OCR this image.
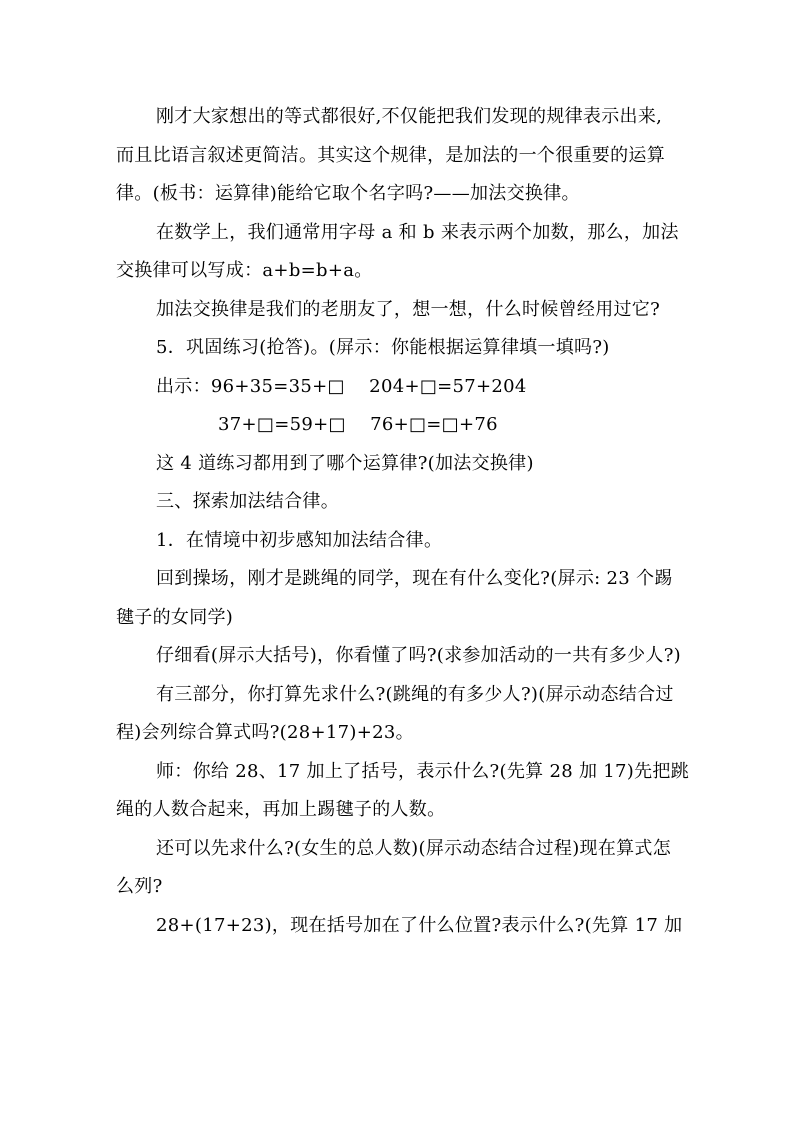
刚才大家想出的等式都很好,不仅能把我们发现的规律表示出来,
而且比语言叙述更简洁。其实这个规律，是加法的一个很重要的运算
律。(板书：运算律)能给它取个名字吗?——加法交换律。
在数学上，我们通常用字母 a 和 b 来表示两个加数，那么，加法
交换律可以写成：a+b=b+a。
加法交换律是我们的老朋友了，想一想，什么时候曾经用过它?
5．巩固练习(抢答)。(屏示：你能根据运算律填一填吗?)
出示：96+35=35+□　 204+□=57+204
37+□=59+□　 76+□=□+76
这 4 道练习都用到了哪个运算律?(加法交换律)
三、探索加法结合律。
1．在情境中初步感知加法结合律。
回到操场，刚才是跳绳的同学，现在有什么变化?(屏示: 23 个踢
毽子的女同学)
仔细看(屏示大括号)，你看懂了吗?(求参加活动的一共有多少人?)
有三部分，你打算先求什么?(跳绳的有多少人?)(屏示动态结合过
程)会列综合算式吗?(28+17)+23。
师：你给 28、17 加上了括号，表示什么?(先算 28 加 17)先把跳
绳的人数合起来，再加上踢毽子的人数。
还可以先求什么?(女生的总人数)(屏示动态结合过程)现在算式怎
么列?
28+(17+23)，现在括号加在了什么位置?表示什么?(先算 17 加
